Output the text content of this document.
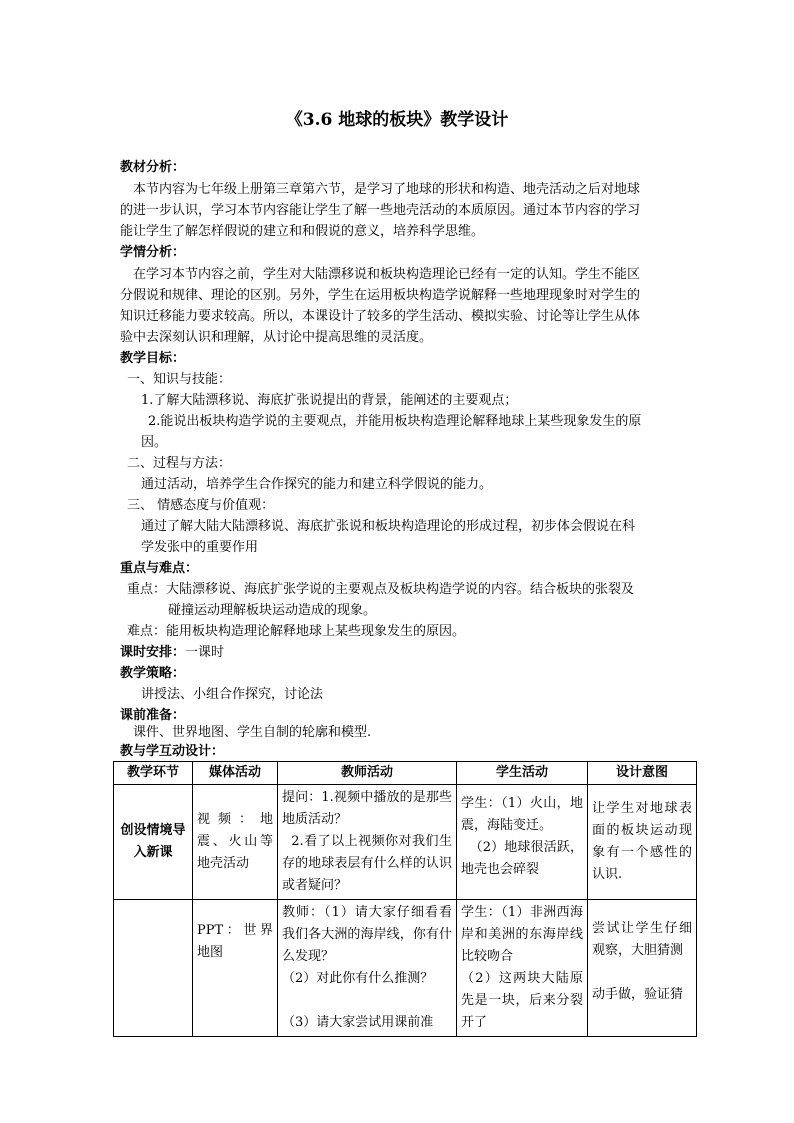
《3.6 地球的板块》教学设计
教材分析：
本节内容为七年级上册第三章第六节，是学习了地球的形状和构造、地壳活动之后对地球
的进一步认识，学习本节内容能让学生了解一些地壳活动的本质原因。通过本节内容的学习
能让学生了解怎样假说的建立和和假说的意义，培养科学思维。
学情分析：
在学习本节内容之前，学生对大陆漂移说和板块构造理论已经有一定的认知。学生不能区
分假说和规律、理论的区别。另外，学生在运用板块构造学说解释一些地理现象时对学生的
知识迁移能力要求较高。所以，本课设计了较多的学生活动、模拟实验、讨论等让学生从体
验中去深刻认识和理解，从讨论中提高思维的灵活度。
教学目标：
一、知识与技能：
1.了解大陆漂移说、海底扩张说提出的背景，能阐述的主要观点；
2.能说出板块构造学说的主要观点，并能用板块构造理论解释地球上某些现象发生的原
因。
二、过程与方法：
通过活动，培养学生合作探究的能力和建立科学假说的能力。
三、 情感态度与价值观：
通过了解大陆大陆漂移说、海底扩张说和板块构造理论的形成过程，初步体会假说在科
学发张中的重要作用
重点与难点：
重点：大陆漂移说、海底扩张学说的主要观点及板块构造学说的内容。结合板块的张裂及
碰撞运动理解板块运动造成的现象。
难点：能用板块构造理论解释地球上某些现象发生的原因。
课时安排：一课时
教学策略：
讲授法、小组合作探究，讨论法
课前准备：
课件、世界地图、学生自制的轮廓和模型.
教与学互动设计：
教学环节	媒体活动	教师活动	学生活动	设计意图
创设情境导入新课	视频：地震、火山等地壳活动	提问：1.视频中播放的是那些地质活动？
2.看了以上视频你对我们生存的地球表层有什么样的认识或者疑问？	学生：（1）火山，地震，海陆变迁。
（2）地球很活跃，地壳也会碎裂	让学生对地球表面的板块运动现象有一个感性的认识.
	PPT：世界地图	教师：（1）请大家仔细看看我们各大洲的海岸线，你有什么发现？
（2）对此你有什么推测？

（3）请大家尝试用课前准	学生：（1）非洲西海岸和美洲的东海岸线比较吻合
（2）这两块大陆原先是一块，后来分裂开了	尝试让学生仔细观察，大胆猜测

动手做，验证猜
